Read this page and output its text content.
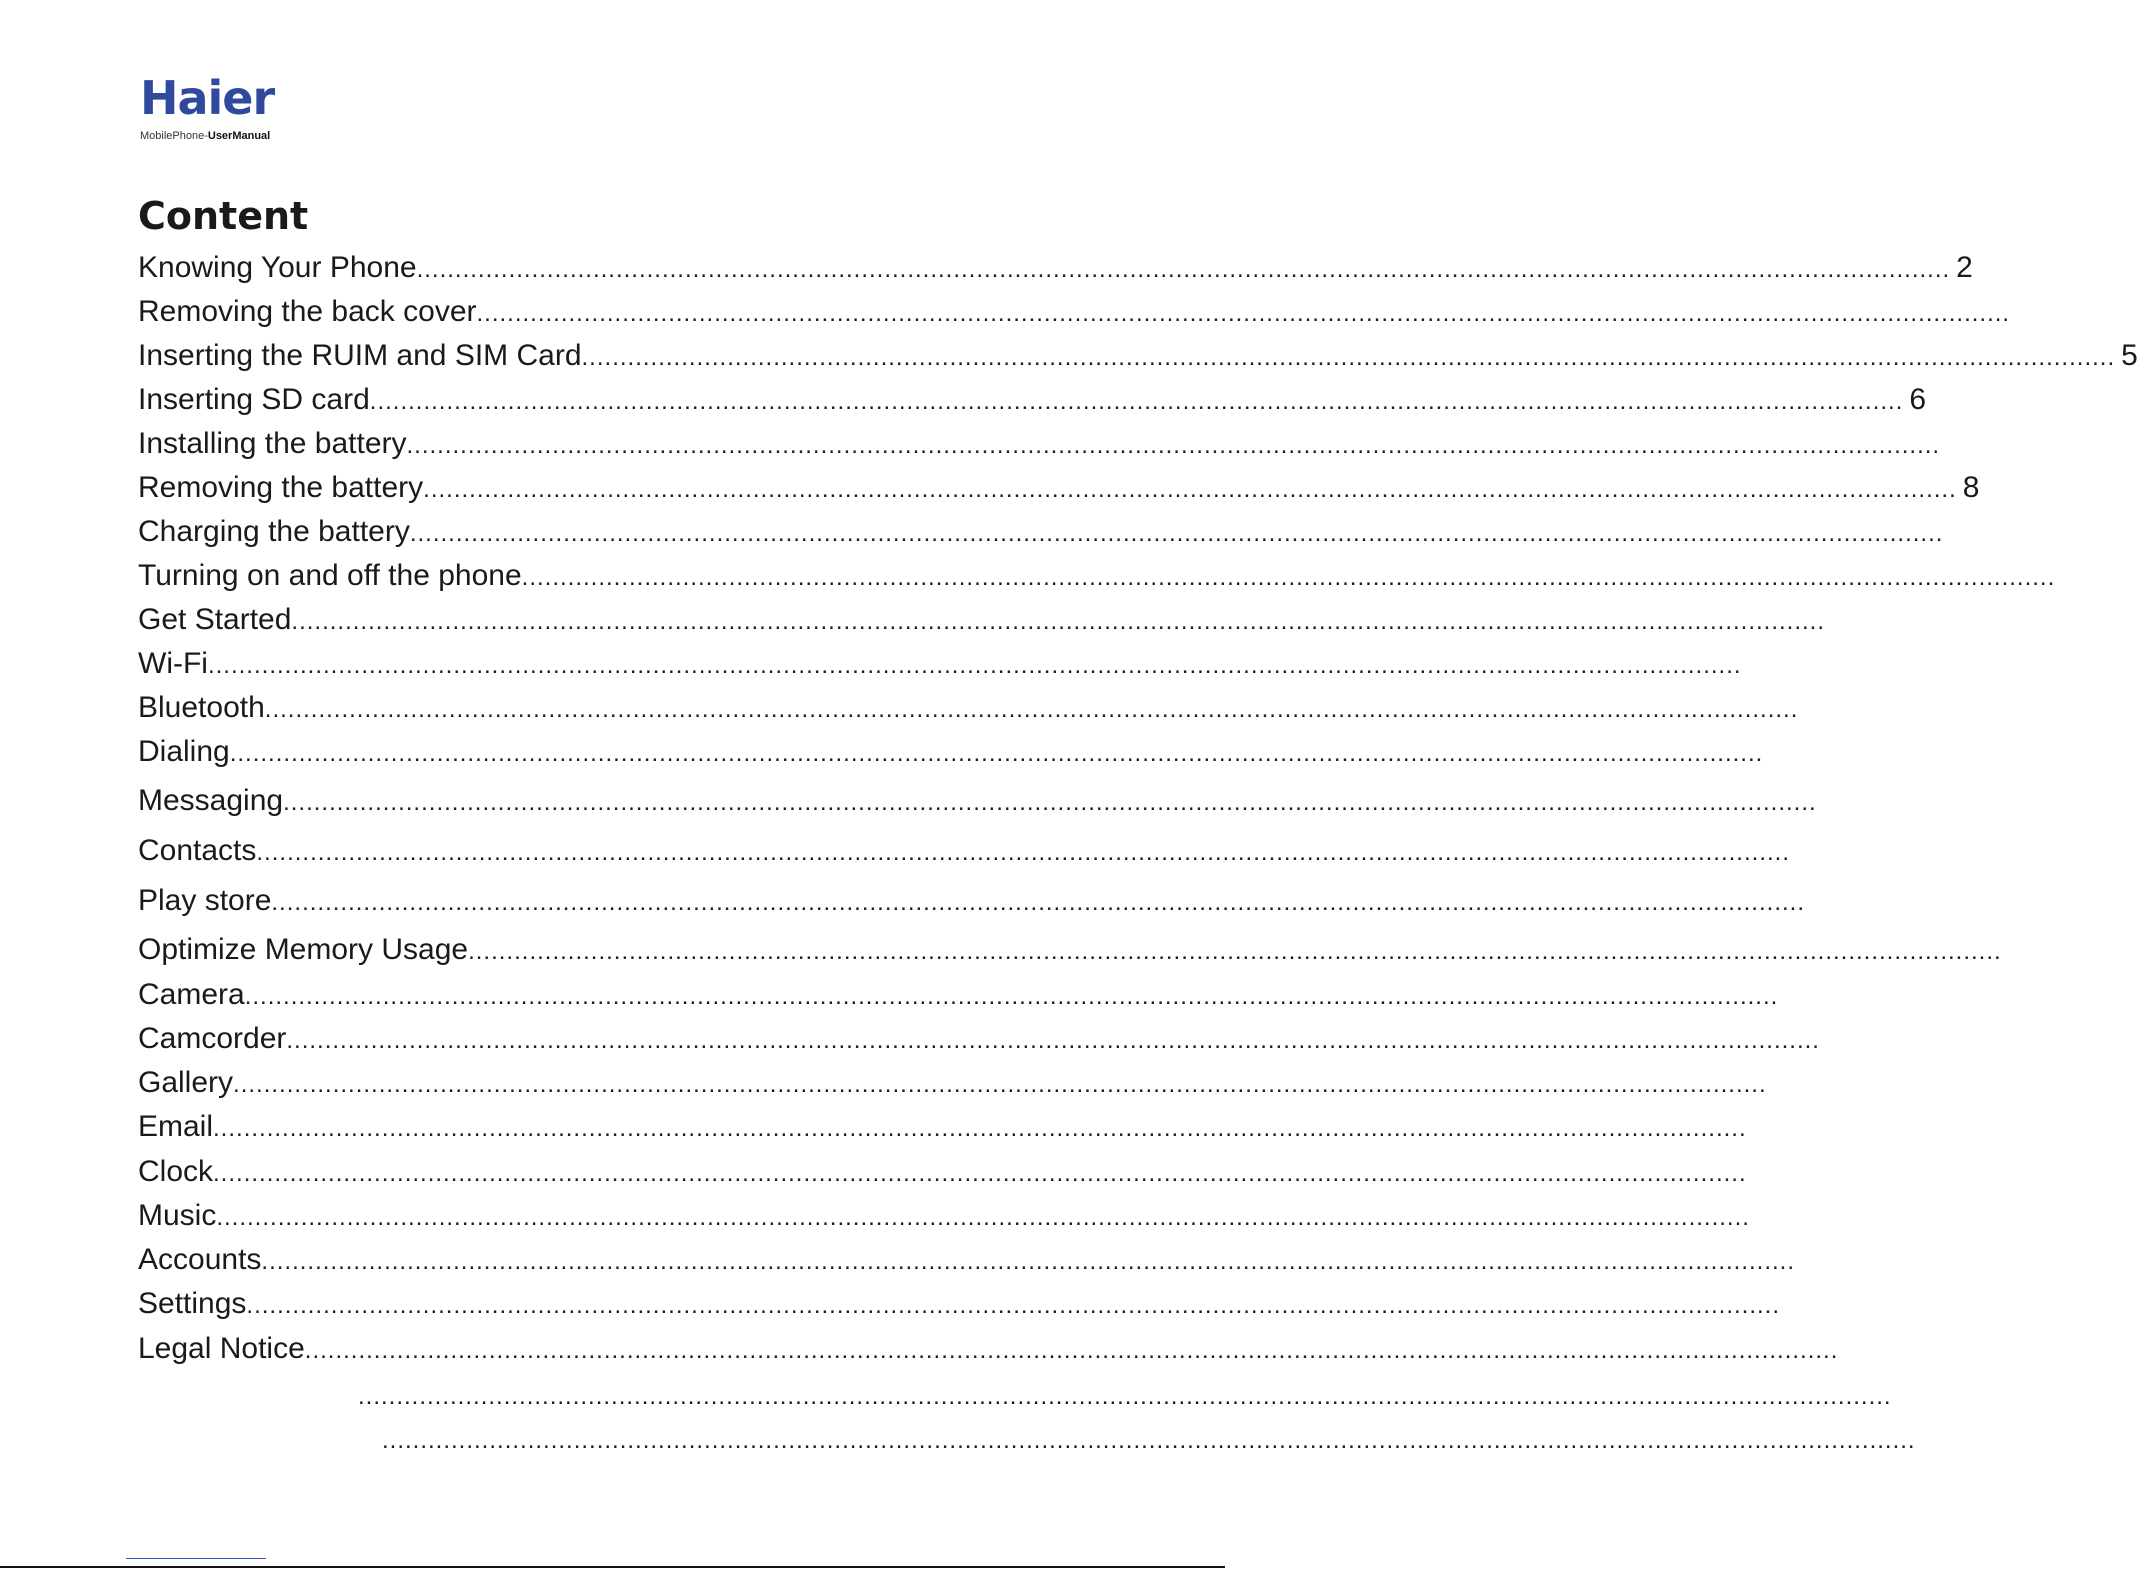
Haier
MobilePhone-UserManual
Content
Knowing Your Phone ........................................................................................................................................................................................................ 2
Removing the back cover ........................................................................................................................................................................................................
Inserting the RUIM and SIM Card ........................................................................................................................................................................................................ 5
Inserting SD card ........................................................................................................................................................................................................ 6
Installing the battery ........................................................................................................................................................................................................
Removing the battery ........................................................................................................................................................................................................ 8
Charging the battery ........................................................................................................................................................................................................
Turning on and off the phone ........................................................................................................................................................................................................
Get Started ........................................................................................................................................................................................................
Wi-Fi ........................................................................................................................................................................................................
Bluetooth ........................................................................................................................................................................................................
Dialing ........................................................................................................................................................................................................
Messaging ........................................................................................................................................................................................................
Contacts ........................................................................................................................................................................................................
Play store ........................................................................................................................................................................................................
Optimize Memory Usage ........................................................................................................................................................................................................
Camera ........................................................................................................................................................................................................
Camcorder ........................................................................................................................................................................................................
Gallery ........................................................................................................................................................................................................
Email ........................................................................................................................................................................................................
Clock ........................................................................................................................................................................................................
Music ........................................................................................................................................................................................................
Accounts ........................................................................................................................................................................................................
Settings ........................................................................................................................................................................................................
Legal Notice ........................................................................................................................................................................................................
........................................................................................................................................................................................................
........................................................................................................................................................................................................
